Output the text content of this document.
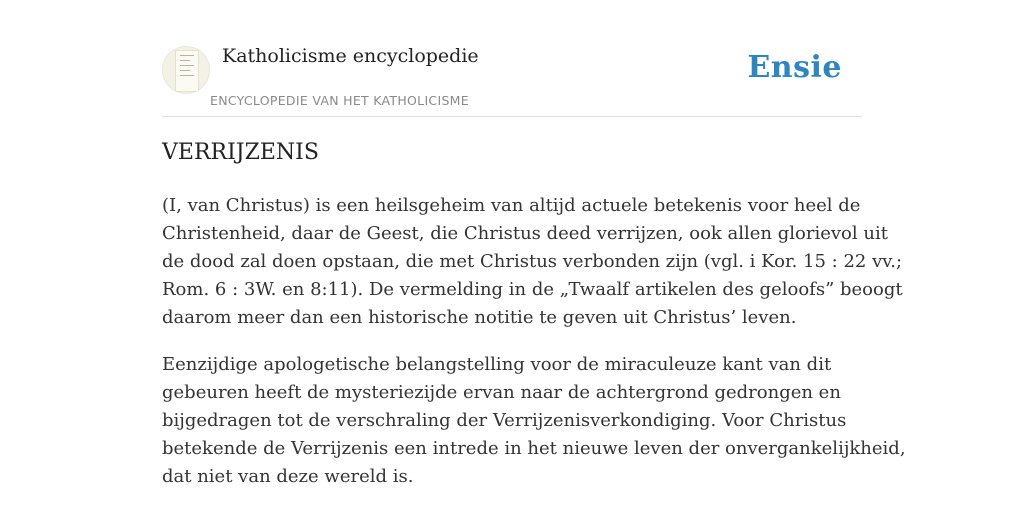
Katholicisme encyclopedie
ENCYCLOPEDIE VAN HET KATHOLICISME
Ensie
VERRIJZENIS

(I, van Christus) is een heilsgeheim van altijd actuele betekenis voor heel de
Christenheid, daar de Geest, die Christus deed verrijzen, ook allen glorievol uit
de dood zal doen opstaan, die met Christus verbonden zijn (vgl. i Kor. 15 : 22 vv.;
Rom. 6 : 3W. en 8:11). De vermelding in de „Twaalf artikelen des geloofs” beoogt
daarom meer dan een historische notitie te geven uit Christus’ leven.

Eenzijdige apologetische belangstelling voor de miraculeuze kant van dit
gebeuren heeft de mysteriezijde ervan naar de achtergrond gedrongen en
bijgedragen tot de verschraling der Verrijzenisverkondiging. Voor Christus
betekende de Verrijzenis een intrede in het nieuwe leven der onvergankelijkheid,
dat niet van deze wereld is.
